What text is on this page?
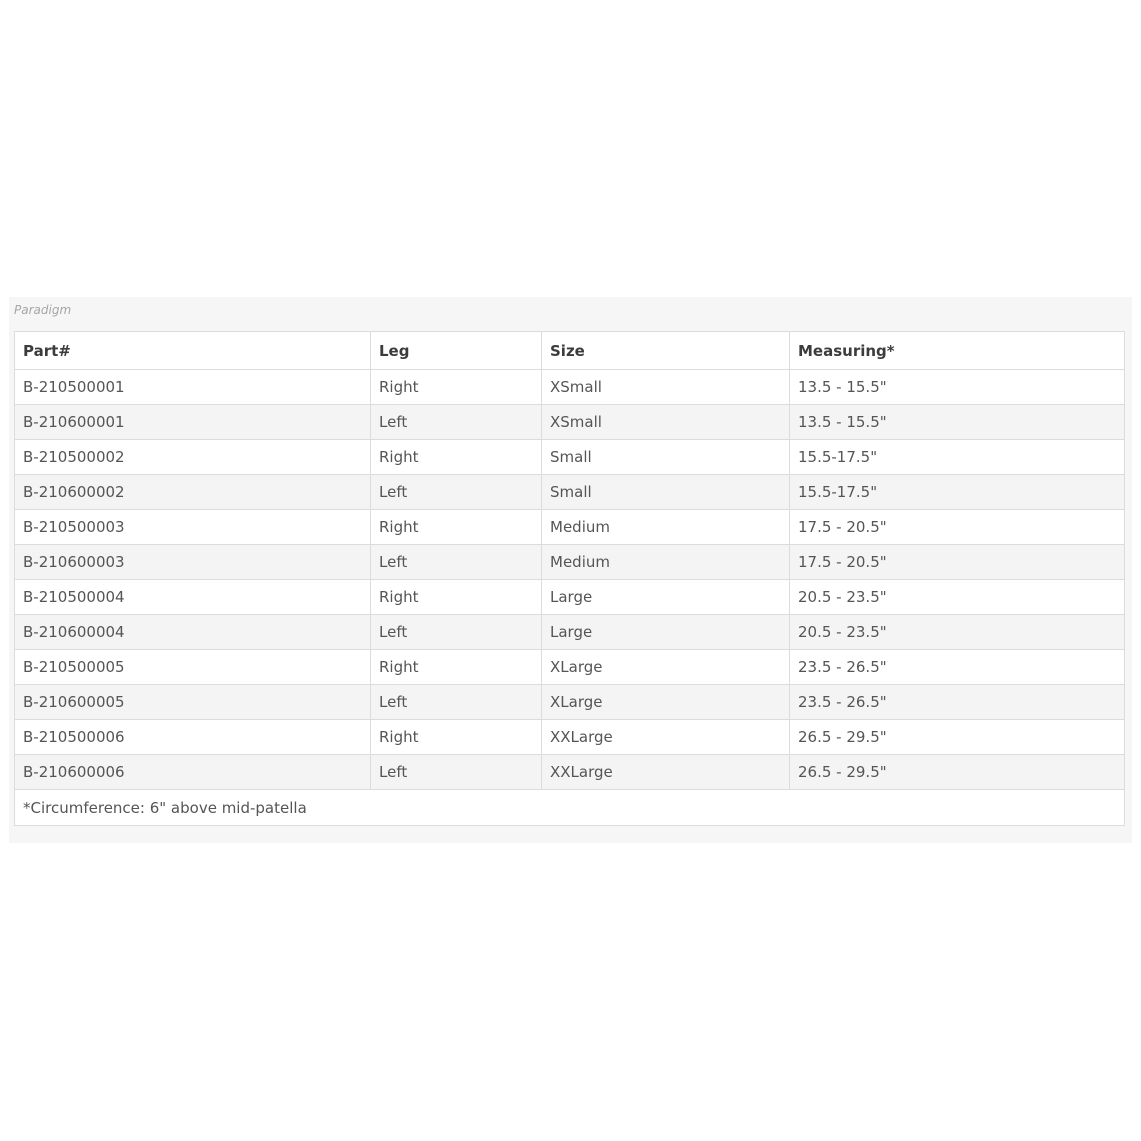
Paradigm
Part#	Leg	Size	Measuring*
B-210500001	Right	XSmall	13.5 - 15.5"
B-210600001	Left	XSmall	13.5 - 15.5"
B-210500002	Right	Small	15.5-17.5"
B-210600002	Left	Small	15.5-17.5"
B-210500003	Right	Medium	17.5 - 20.5"
B-210600003	Left	Medium	17.5 - 20.5"
B-210500004	Right	Large	20.5 - 23.5"
B-210600004	Left	Large	20.5 - 23.5"
B-210500005	Right	XLarge	23.5 - 26.5"
B-210600005	Left	XLarge	23.5 - 26.5"
B-210500006	Right	XXLarge	26.5 - 29.5"
B-210600006	Left	XXLarge	26.5 - 29.5"
*Circumference: 6" above mid-patella			
